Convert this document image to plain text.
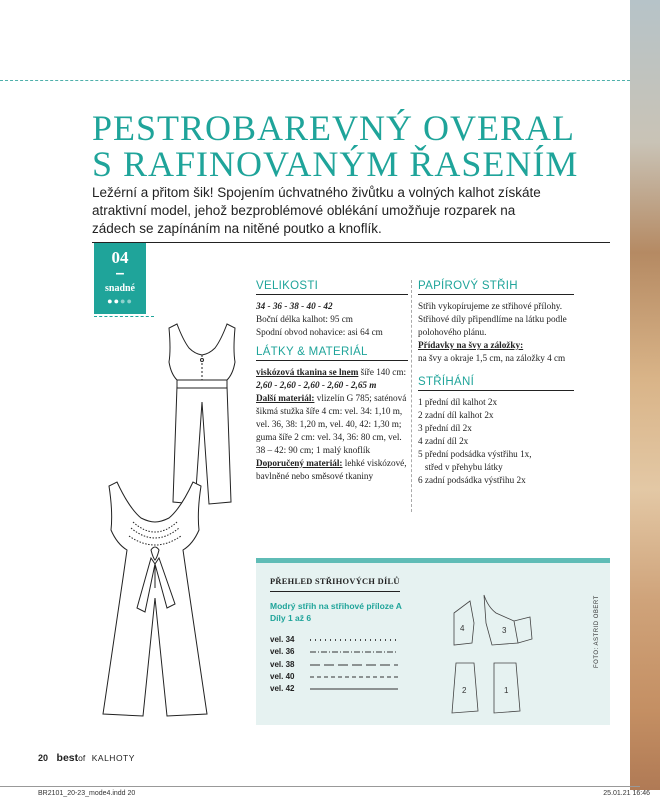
PESTROBAREVNÝ OVERAL
S RAFINOVANÝM ŘASENÍM

Ležérní a přitom šik! Spojením úchvatného živůtku a volných kalhot získáte atraktivní model, jehož bezproblémové oblékání umožňuje rozparek na zádech se zapínáním na nitěné poutko a knoflík.

04
–
snadné
●●●●
VELIKOSTI

34 - 36 - 38 - 40 - 42
Boční délka kalhot: 95 cm
Spodní obvod nohavice: asi 64 cm

LÁTKY & MATERIÁL

viskózová tkanina se lnem šíře 140 cm:
2,60 - 2,60 - 2,60 - 2,60 - 2,65 m
Další materiál: vlizelín G 785; saténová šikmá stužka šíře 4 cm: vel. 34: 1,10 m, vel. 36, 38: 1,20 m, vel. 40, 42: 1,30 m; guma šíře 2 cm: vel. 34, 36: 80 cm, vel. 38 – 42: 90 cm; 1 malý knoflík
Doporučený materiál: lehké viskózové, bavlněné nebo směsové tkaniny

PAPÍROVÝ STŘIH

Střih vykopírujeme ze střihové přílohy. Střihové díly připendlíme na látku podle polohového plánu.
Přídavky na švy a záložky:
na švy a okraje 1,5 cm, na záložky 4 cm

STŘÍHÁNÍ

1 přední díl kalhot 2x
2 zadní díl kalhot 2x
3 přední díl 2x
4 zadní díl 2x
5 přední podsádka výstřihu 1x,
střed v přehybu látky
6 zadní podsádka výstřihu 2x

PŘEHLED STŘIHOVÝCH DÍLŮ

Modrý střih na střihové příloze A
Díly 1 až 6

vel. 34
vel. 36
vel. 38
vel. 40
vel. 42
4	3
2	1
FOTO: ASTRID OBERT
20 bestof KALHOTY
BR2101_20-23_mode4.indd 20	25.01.21 16:46
